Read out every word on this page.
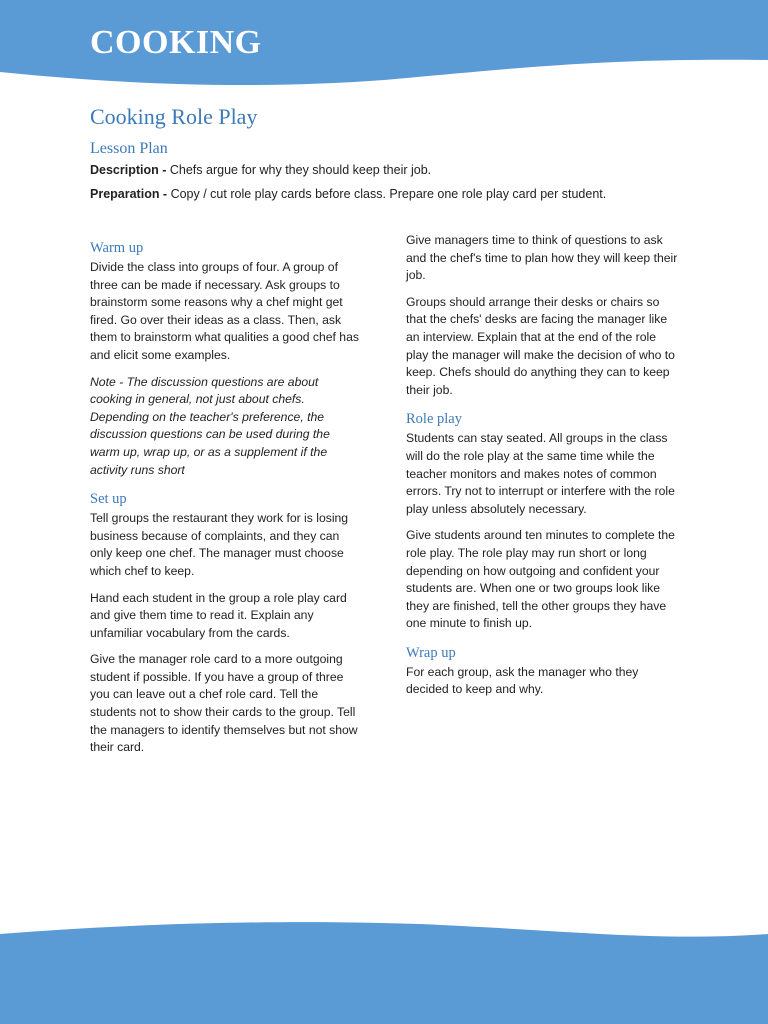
COOKING
Cooking Role Play
Lesson Plan

Description - Chefs argue for why they should keep their job.

Preparation - Copy / cut role play cards before class. Prepare one role play card per student.

Warm up

Divide the class into groups of four. A group of three can be made if necessary. Ask groups to brainstorm some reasons why a chef might get fired. Go over their ideas as a class. Then, ask them to brainstorm what qualities a good chef has and elicit some examples.

Note - The discussion questions are about cooking in general, not just about chefs. Depending on the teacher's preference, the discussion questions can be used during the warm up, wrap up, or as a supplement if the activity runs short

Set up

Tell groups the restaurant they work for is losing business because of complaints, and they can only keep one chef. The manager must choose which chef to keep.

Hand each student in the group a role play card and give them time to read it. Explain any unfamiliar vocabulary from the cards.

Give the manager role card to a more outgoing student if possible. If you have a group of three you can leave out a chef role card. Tell the students not to show their cards to the group. Tell the managers to identify themselves but not show their card.

Give managers time to think of questions to ask and the chef's time to plan how they will keep their job.

Groups should arrange their desks or chairs so that the chefs' desks are facing the manager like an interview. Explain that at the end of the role play the manager will make the decision of who to keep. Chefs should do anything they can to keep their job.

Role play

Students can stay seated. All groups in the class will do the role play at the same time while the teacher monitors and makes notes of common errors. Try not to interrupt or interfere with the role play unless absolutely necessary.

Give students around ten minutes to complete the role play. The role play may run short or long depending on how outgoing and confident your students are. When one or two groups look like they are finished, tell the other groups they have one minute to finish up.

Wrap up

For each group, ask the manager who they decided to keep and why.
